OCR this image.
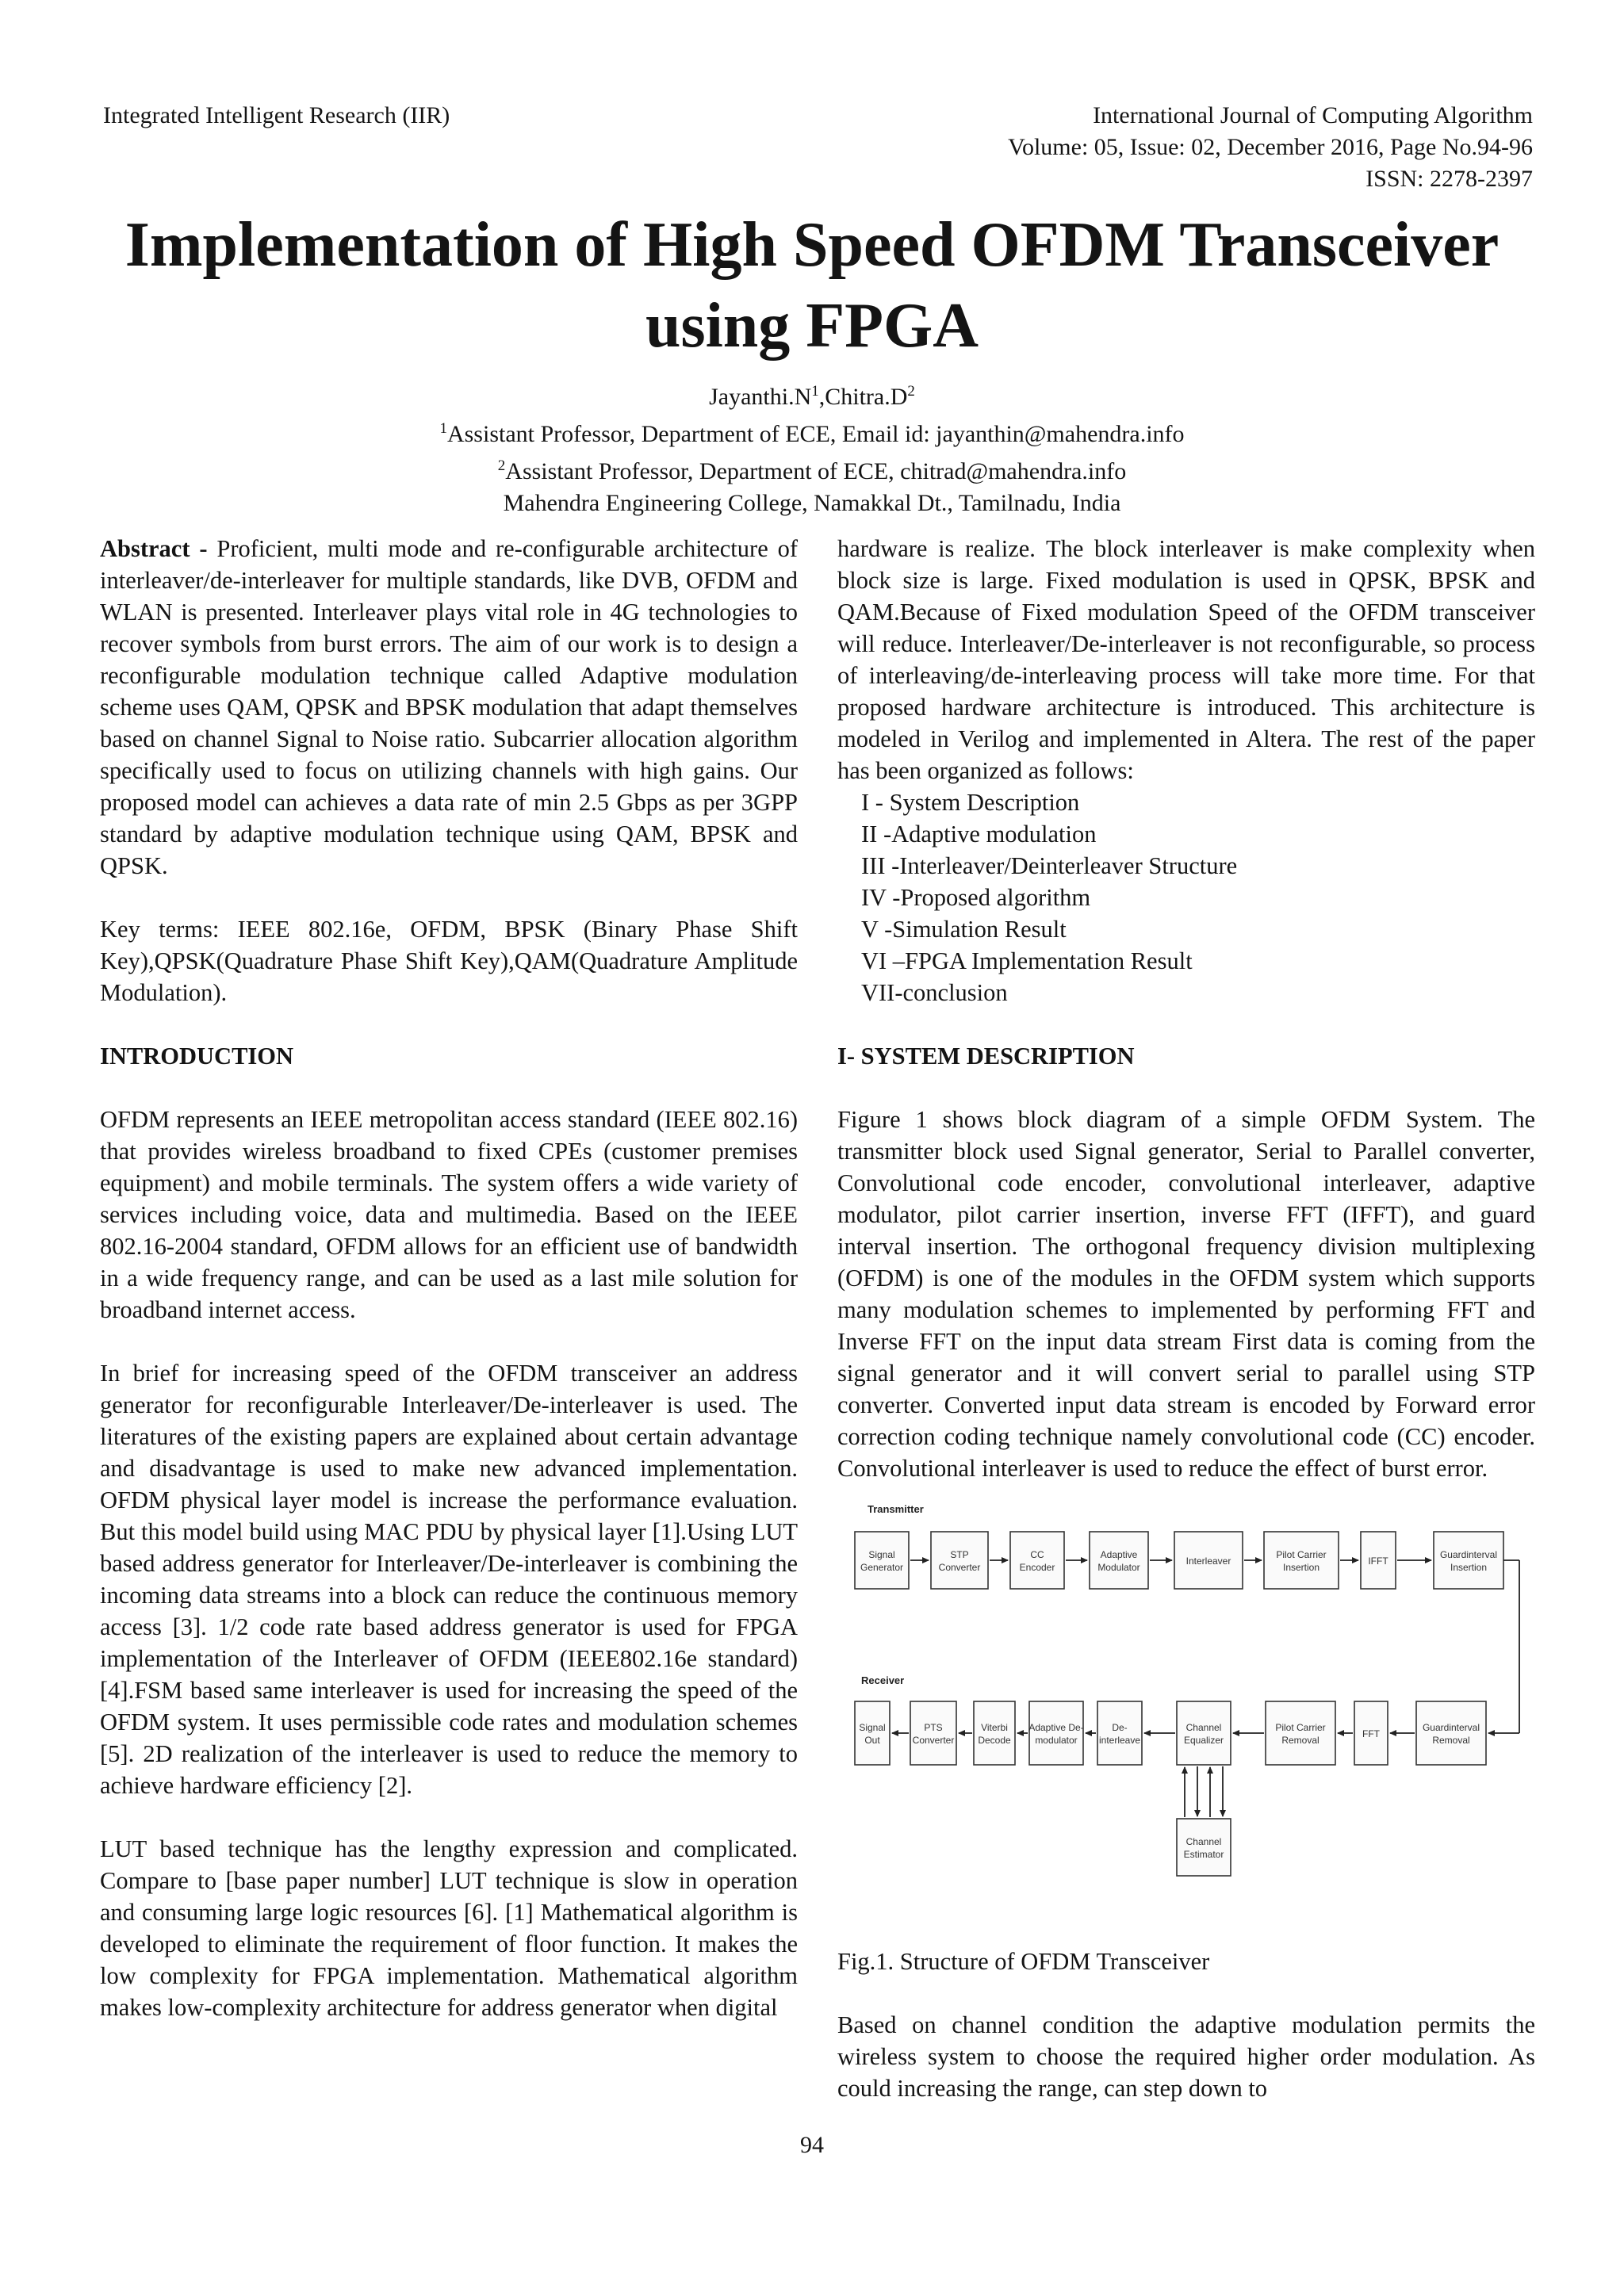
Integrated Intelligent Research (IIR)	International Journal of Computing Algorithm
Volume: 05, Issue: 02, December 2016, Page No.94-96
ISSN: 2278-2397
Implementation of High Speed OFDM Transceiver
using FPGA
$Jayanthi.N^1,Chitra.D^2$
$^1$Assistant Professor, Department of ECE, Email id: jayanthin@mahendra.info
$^2$Assistant Professor, Department of ECE, chitrad@mahendra.info
Mahendra Engineering College, Namakkal Dt., Tamilnadu, India

Abstract - Proficient, multi mode and re-configurable architecture of interleaver/de-interleaver for multiple standards, like DVB, OFDM and WLAN is presented. Interleaver plays vital role in 4G technologies to recover symbols from burst errors. The aim of our work is to design a reconfigurable modulation technique called Adaptive modulation scheme uses QAM, QPSK and BPSK modulation that adapt themselves based on channel Signal to Noise ratio. Subcarrier allocation algorithm specifically used to focus on utilizing channels with high gains. Our proposed model can achieves a data rate of min 2.5 Gbps as per 3GPP standard by adaptive modulation technique using QAM, BPSK and QPSK.

Key terms: IEEE 802.16e, OFDM, BPSK (Binary Phase Shift Key),QPSK(Quadrature Phase Shift Key),QAM(Quadrature Amplitude Modulation).

INTRODUCTION

OFDM represents an IEEE metropolitan access standard (IEEE 802.16) that provides wireless broadband to fixed CPEs (customer premises equipment) and mobile terminals. The system offers a wide variety of services including voice, data and multimedia. Based on the IEEE 802.16-2004 standard, OFDM allows for an efficient use of bandwidth in a wide frequency range, and can be used as a last mile solution for broadband internet access.

In brief for increasing speed of the OFDM transceiver an address generator for reconfigurable Interleaver/De-interleaver is used. The literatures of the existing papers are explained about certain advantage and disadvantage is used to make new advanced implementation. OFDM physical layer model is increase the performance evaluation. But this model build using MAC PDU by physical layer [1].Using LUT based address generator for Interleaver/De-interleaver is combining the incoming data streams into a block can reduce the continuous memory access [3]. 1/2 code rate based address generator is used for FPGA implementation of the Interleaver of OFDM (IEEE802.16e standard) [4].FSM based same interleaver is used for increasing the speed of the OFDM system. It uses permissible code rates and modulation schemes [5]. 2D realization of the interleaver is used to reduce the memory to achieve hardware efficiency [2].

LUT based technique has the lengthy expression and complicated. Compare to [base paper number] LUT technique is slow in operation and consuming large logic resources [6]. [1] Mathematical algorithm is developed to eliminate the requirement of floor function. It makes the low complexity for FPGA implementation. Mathematical algorithm makes low-complexity architecture for address generator when digital

hardware is realize. The block interleaver is make complexity when block size is large. Fixed modulation is used in QPSK, BPSK and QAM.Because of Fixed modulation Speed of the OFDM transceiver will reduce. Interleaver/De-interleaver is not reconfigurable, so process of interleaving/de-interleaving process will take more time. For that proposed hardware architecture is introduced. This architecture is modeled in Verilog and implemented in Altera. The rest of the paper has been organized as follows:

I - System Description
II -Adaptive modulation
III -Interleaver/Deinterleaver Structure
IV -Proposed algorithm
V -Simulation Result
VI –FPGA Implementation Result
VII-conclusion

I- SYSTEM DESCRIPTION

Figure 1 shows block diagram of a simple OFDM System. The transmitter block used Signal generator, Serial to Parallel converter, Convolutional code encoder, convolutional interleaver, adaptive modulator, pilot carrier insertion, inverse FFT (IFFT), and guard interval insertion. The orthogonal frequency division multiplexing (OFDM) is one of the modules in the OFDM system which supports many modulation schemes to implemented by performing FFT and Inverse FFT on the input data stream First data is coming from the signal generator and it will convert serial to parallel using STP converter. Converted input data stream is encoded by Forward error correction coding technique namely convolutional code (CC) encoder. Convolutional interleaver is used to reduce the effect of burst error.

Transmitter
Receiver
Signal
Generator
STP
Converter
CC
Encoder
Adaptive
Modulator
Interleaver
Pilot Carrier
Insertion
IFFT
Guardinterval
Insertion
Signal
Out
PTS
Converter
Viterbi
Decode
Adaptive De-
modulator
De-
interleave
Channel
Equalizer
Pilot Carrier
Removal
FFT
Guardinterval
Removal
Channel
Estimator

Fig.1. Structure of OFDM Transceiver

Based on channel condition the adaptive modulation permits the wireless system to choose the required higher order modulation. As could increasing the range, can step down to

94
